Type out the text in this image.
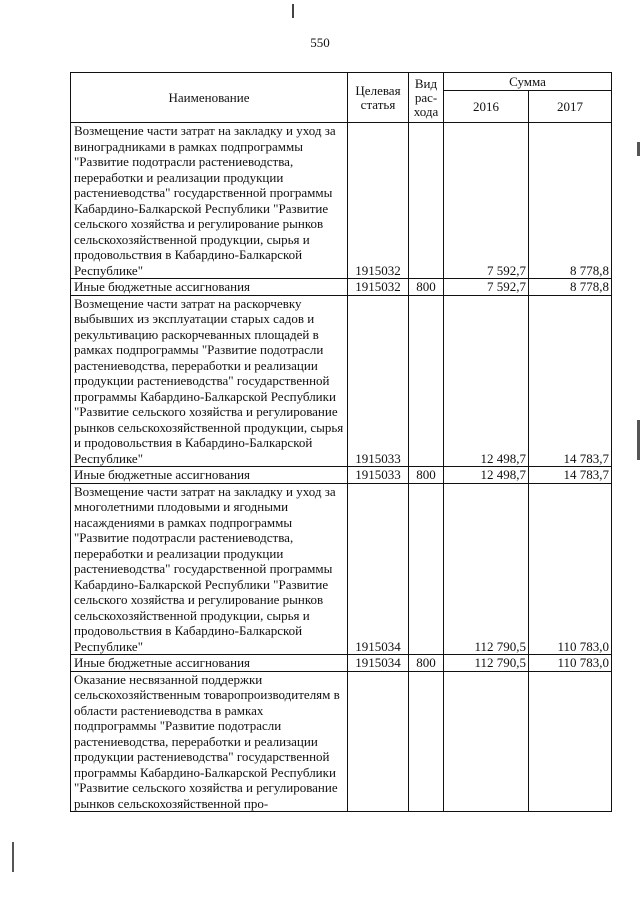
550
Наименование	Целевая статья	Вид рас-хода	Сумма	
			2016	2017
Возмещение части затрат на закладку и уход за виноградниками в рамках подпрограммы "Развитие подотрасли растениеводства, переработки и реализации продукции растениеводства" государственной программы Кабардино-Балкарской Республики "Развитие сельского хозяйства и регулирование рынков сельскохозяйственной продукции, сырья и продовольствия в Кабардино-Балкарской Республике"	1915032		7 592,7	8 778,8
Иные бюджетные ассигнования	1915032	800	7 592,7	8 778,8
Возмещение части затрат на раскорчевку выбывших из эксплуатации старых садов и рекультивацию раскорчеванных площадей в рамках подпрограммы "Развитие подотрасли растениеводства, переработки и реализации продукции растениеводства" государственной программы Кабардино-Балкарской Республики "Развитие сельского хозяйства и регулирование рынков сельскохозяйственной продукции, сырья и продовольствия в Кабардино-Балкарской Республике"	1915033		12 498,7	14 783,7
Иные бюджетные ассигнования	1915033	800	12 498,7	14 783,7
Возмещение части затрат на закладку и уход за многолетними плодовыми и ягодными насаждениями в рамках подпрограммы "Развитие подотрасли растениеводства, переработки и реализации продукции растениеводства" государственной программы Кабардино-Балкарской Республики "Развитие сельского хозяйства и регулирование рынков сельскохозяйственной продукции, сырья и продовольствия в Кабардино-Балкарской Республике"	1915034		112 790,5	110 783,0
Иные бюджетные ассигнования	1915034	800	112 790,5	110 783,0
Оказание несвязанной поддержки сельскохозяйственным товаропроизводителям в области растениеводства в рамках подпрограммы "Развитие подотрасли растениеводства, переработки и реализации продукции растениеводства" государственной программы Кабардино-Балкарской Республики "Развитие сельского хозяйства и регулирование рынков сельскохозяйственной про-				
